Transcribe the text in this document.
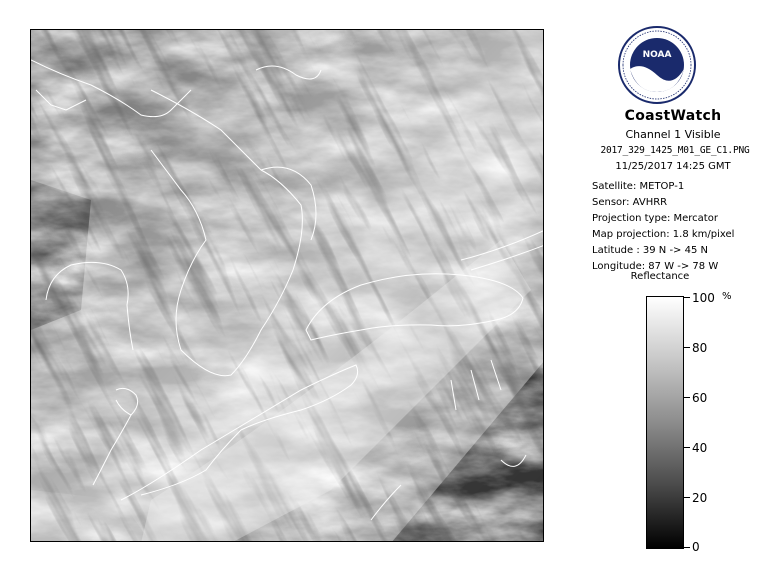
NOAA
CoastWatch
Channel 1 Visible
2017_329_1425_M01_GE_C1.PNG
11/25/2017 14:25 GMT
Satellite: METOP-1
Sensor: AVHRR
Projection type: Mercator
Map projection: 1.8 km/pixel
Latitude : 39 N -> 45 N
Longitude: 87 W -> 78 W
Reflectance
%
100
80
60
40
20
0
